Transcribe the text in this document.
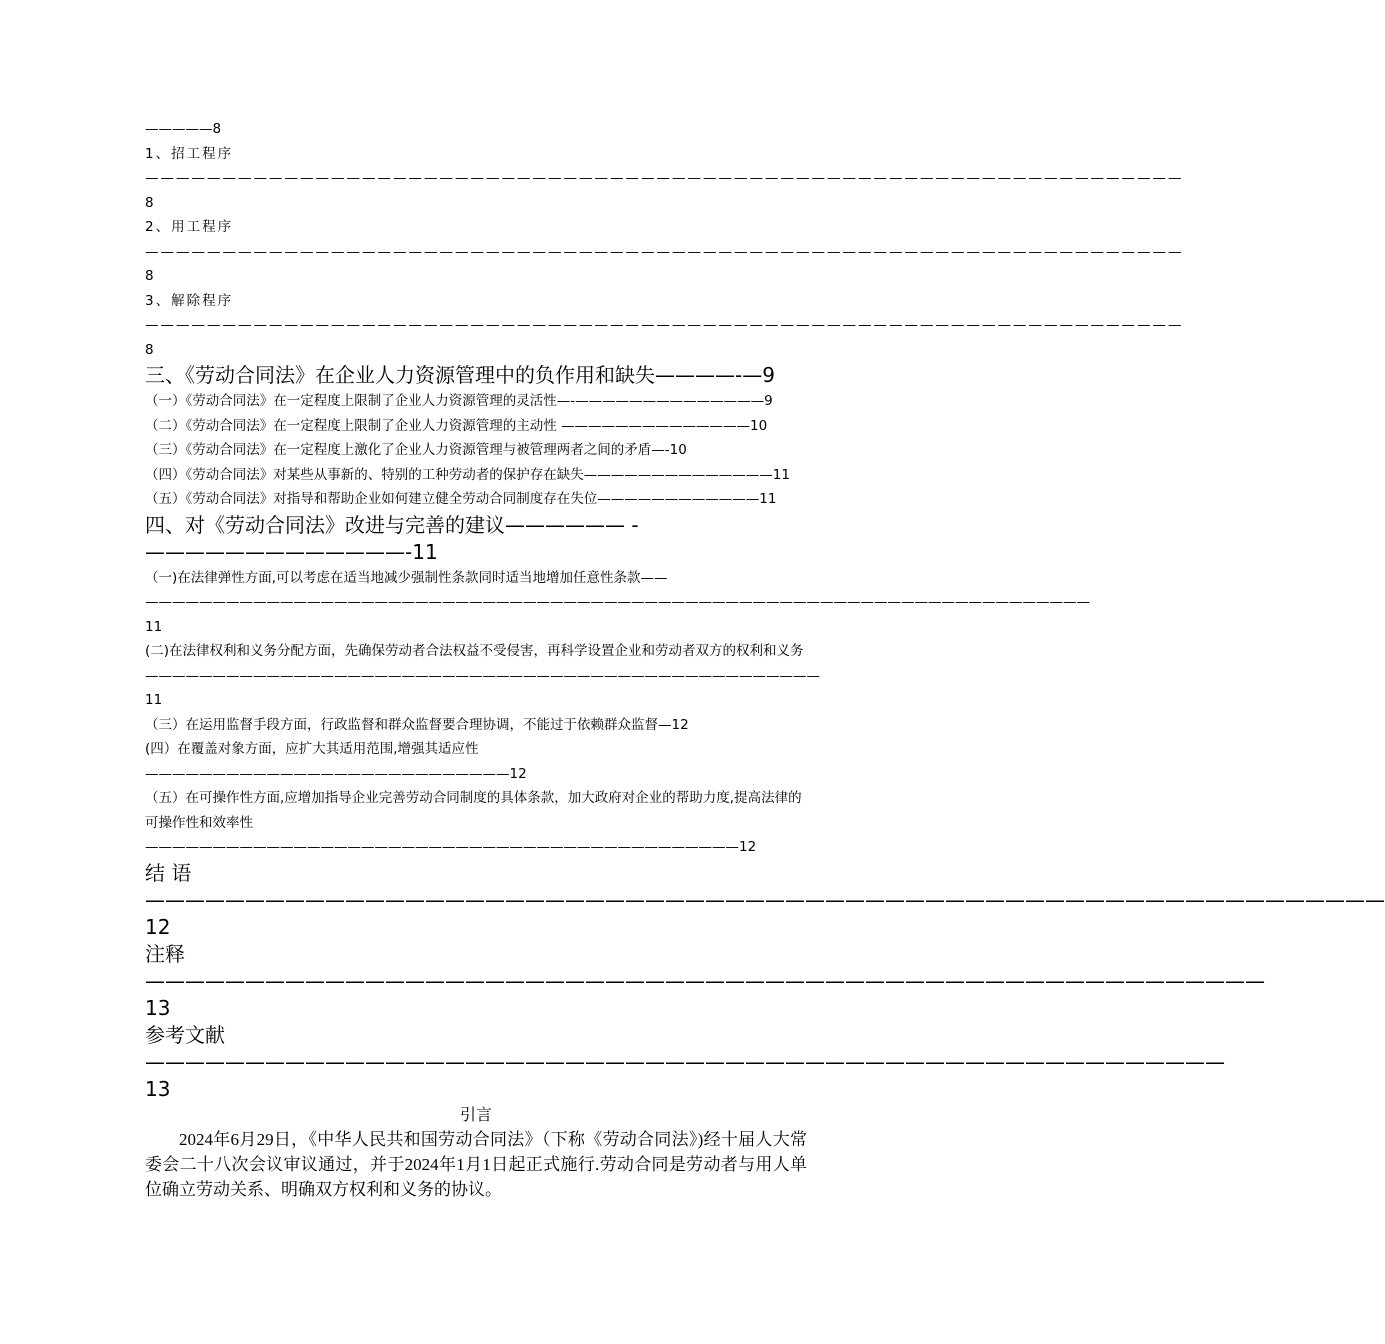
—————8
1、招工程序———————————————————————————————————————————————————————————————————8
2、用工程序———————————————————————————————————————————————————————————————————8
3、解除程序———————————————————————————————————————————————————————————————————8
三、《劳动合同法》在企业人力资源管理中的负作用和缺失————-—9
（一）《劳动合同法》在一定程度上限制了企业人力资源管理的灵活性—-——————————————9
（二）《劳动合同法》在一定程度上限制了企业人力资源管理的主动性 ——————————————10
（三）《劳动合同法》在一定程度上激化了企业人力资源管理与被管理两者之间的矛盾—-10
（四）《劳动合同法》对某些从事新的、特别的工种劳动者的保护存在缺失——————————————11
（五）《劳动合同法》对指导和帮助企业如何建立健全劳动合同制度存在失位————————————11
四、对《劳动合同法》改进与完善的建议—————— -—————————————-11
（一)在法律弹性方面,可以考虑在适当地减少强制性条款同时适当地增加任意性条款—— ——————————————————————————————————————————————————————————————————————11
(二)在法律权利和义务分配方面，先确保劳动者合法权益不受侵害，再科学设置企业和劳动者双方的权利和义务——————————————————————————————————————————————————11
（三）在运用监督手段方面，行政监督和群众监督要合理协调，不能过于依赖群众监督—12
(四）在覆盖对象方面，应扩大其适用范围,增强其适应性———————————————————————————12
（五）在可操作性方面,应增加指导企业完善劳动合同制度的具体条款，加大政府对企业的帮助力度,提高法律的可操作性和效率性————————————————————————————————————————————12
结 语 ——————————————————————————————————————————————————————————————12
注释————————————————————————————————————————————————————————13
参考文献——————————————————————————————————————————————————————13
引言
2024年6月29日，《中华人民共和国劳动合同法》（下称《劳动合同法》)经十届人大常委会二十八次会议审议通过，并于2024年1月1日起正式施行.劳动合同是劳动者与用人单位确立劳动关系、明确双方权利和义务的协议。
